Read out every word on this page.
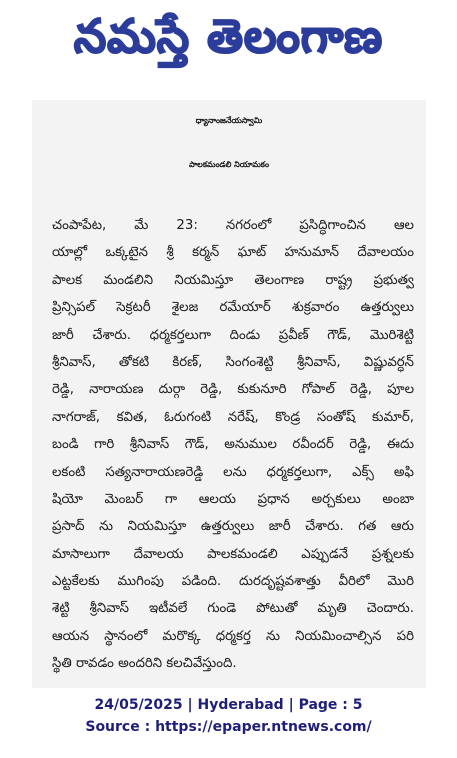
నమస్తే తెలంగాణ
ధ్యానాంజనేయస్వామి
పాలకమండలి నియామకం
చంపాపేట, మే 23: నగరంలో ప్రసిద్ధిగాంచిన ఆల
యాల్లో ఒక్కటైన శ్రీ కర్మన్ ఘాట్ హనుమాన్ దేవాలయం
పాలక మండలిని నియమిస్తూ తెలంగాణ రాష్ట్ర ప్రభుత్వ
ప్రిన్సిపల్ సెక్రటరీ శైలజ రమేయార్ శుక్రవారం ఉత్తర్వులు
జారీ చేశారు. ధర్మకర్తలుగా దిండు ప్రవీణ్ గౌడ్, మొరిశెట్టి
శ్రీనివాస్, తోకటి కిరణ్, సింగంశెట్టి శ్రీనివాస్, విష్ణువర్ధన్
రెడ్డి, నారాయణ దుర్గా రెడ్డి, కుకునూరి గోపాల్ రెడ్డి, పూల
నాగరాజ్, కవిత, ఓరుగంటి నరేష్, కొండ్ర సంతోష్ కుమార్,
బండి గారి శ్రీనివాస్ గౌడ్, అనుముల రవీందర్ రెడ్డి, ఈదు
లకంటి సత్యనారాయణరెడ్డి లను ధర్మకర్తలుగా, ఎక్స్ అఫి
షియో మెంబర్ గా ఆలయ ప్రధాన అర్చకులు అంబా
ప్రసాద్ ను నియమిస్తూ ఉత్తర్వులు జారీ చేశారు. గత ఆరు
మాసాలుగా దేవాలయ పాలకమండలి ఎప్పుడనే ప్రశ్నలకు
ఎట్టకేలకు ముగింపు పడింది. దురదృష్టవశాత్తు వీరిలో మొరి
శెట్టి శ్రీనివాస్ ఇటీవలే గుండె పోటుతో మృతి చెందారు.
ఆయన స్థానంలో మరొక్క ధర్మకర్త ను నియమించాల్సిన పరి
స్థితి రావడం అందరిని కలచివేస్తుంది.
24/05/2025 | Hyderabad | Page : 5
Source : https://epaper.ntnews.com/
